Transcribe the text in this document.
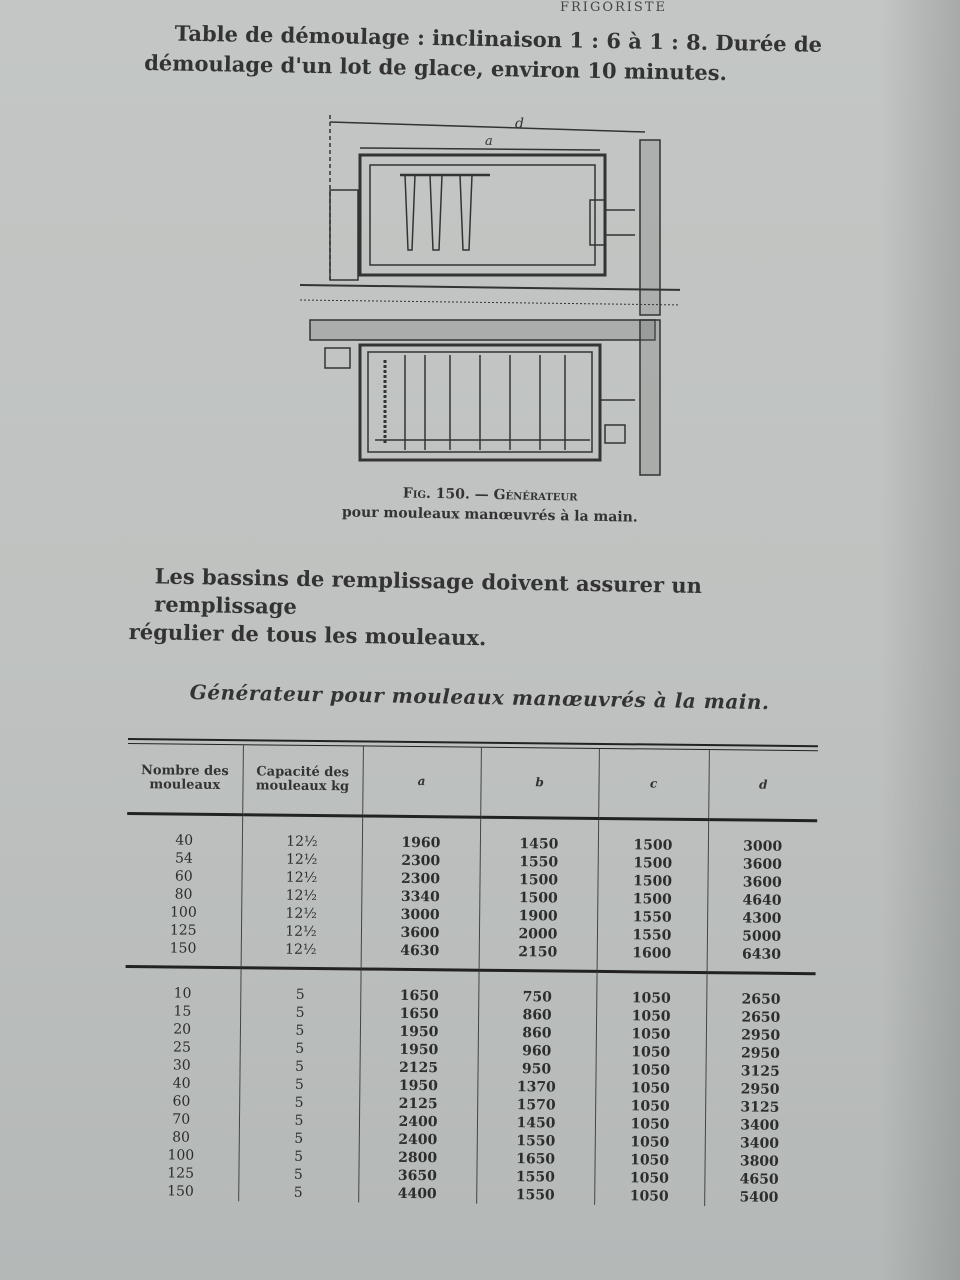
FRIGORISTE
Table de démoulage : inclinaison 1 : 6 à 1 : 8. Durée de
démoulage d'un lot de glace, environ 10 minutes.
d
a
Fig. 150. — Générateur
pour mouleaux manœuvrés à la main.
Les bassins de remplissage doivent assurer un remplissage
régulier de tous les mouleaux.
Générateur pour mouleaux manœuvrés à la main.
Nombre des mouleaux	Capacité des mouleaux kg	a	b	c	d

40	12½	1960	1450	1500	3000
54	12½	2300	1550	1500	3600
60	12½	2300	1500	1500	3600
80	12½	3340	1500	1500	4640
100	12½	3000	1900	1550	4300
125	12½	3600	2000	1550	5000
150	12½	4630	2150	1600	6430

10	5	1650	750	1050	2650
15	5	1650	860	1050	2650
20	5	1950	860	1050	2950
25	5	1950	960	1050	2950
30	5	2125	950	1050	3125
40	5	1950	1370	1050	2950
60	5	2125	1570	1050	3125
70	5	2400	1450	1050	3400
80	5	2400	1550	1050	3400
100	5	2800	1650	1050	3800
125	5	3650	1550	1050	4650
150	5	4400	1550	1050	5400
